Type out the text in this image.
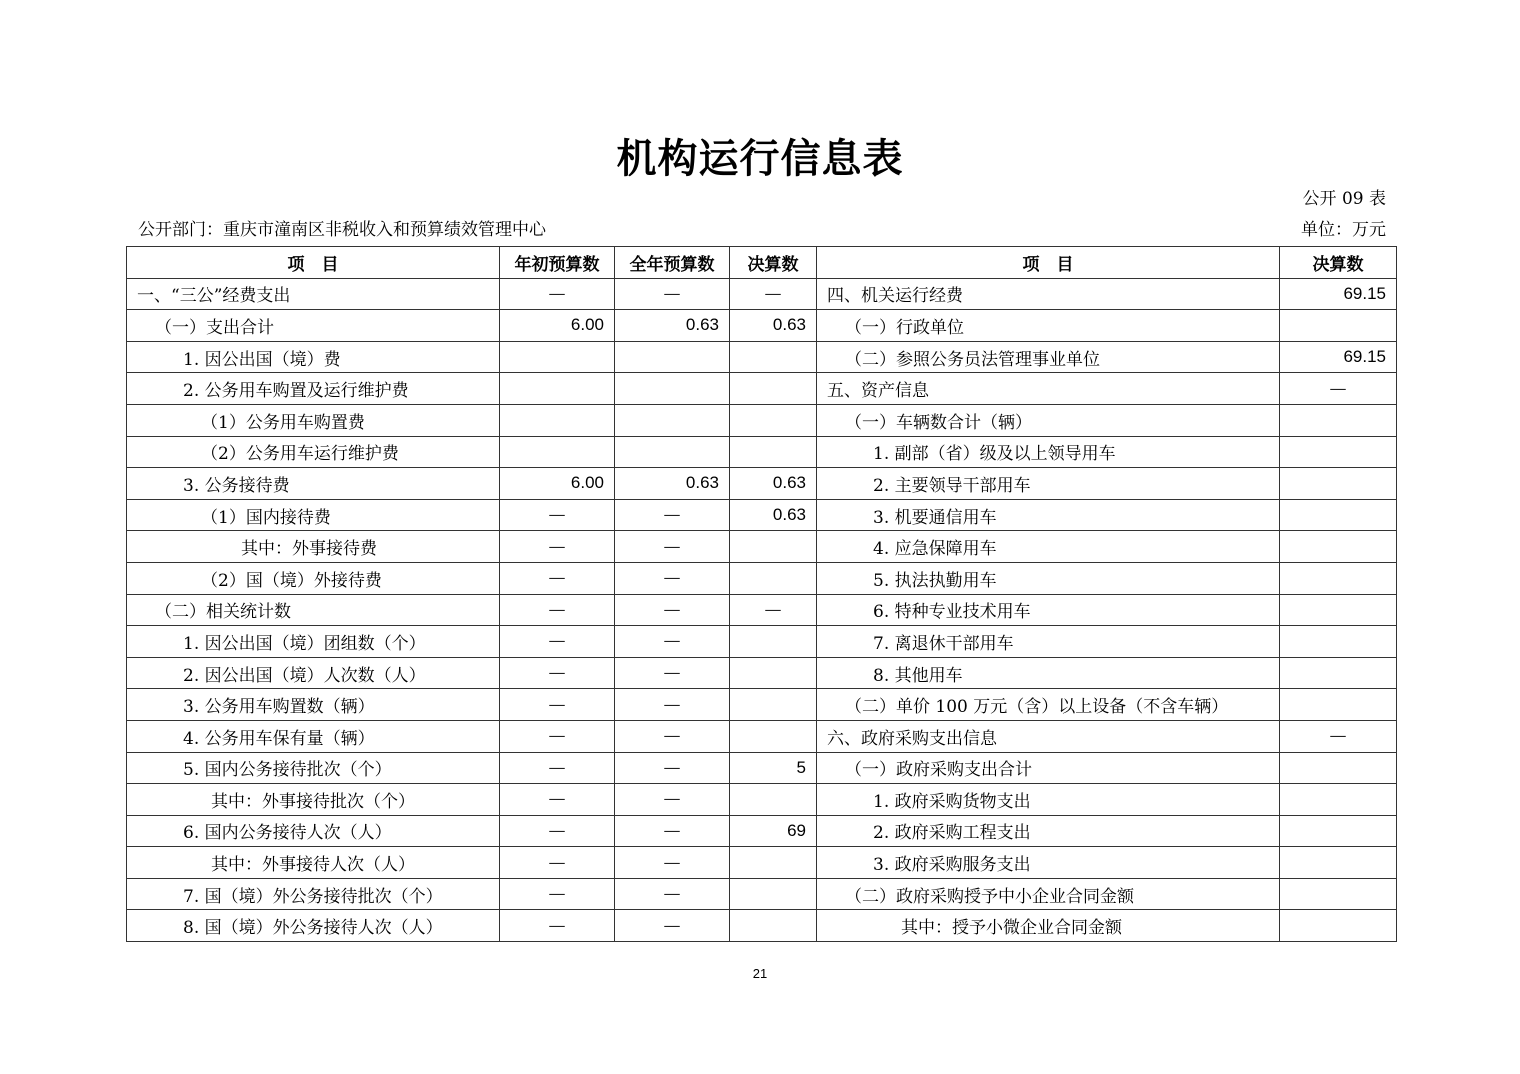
机构运行信息表
公开 09 表
公开部门：重庆市潼南区非税收入和预算绩效管理中心	单位：万元
项　目	年初预算数	全年预算数	决算数	项　目	决算数
一、“三公”经费支出	—	—	—	四、机关运行经费	69.15
（一）支出合计	6.00	0.63	0.63	（一）行政单位	
1. 因公出国（境）费				（二）参照公务员法管理事业单位	69.15
2. 公务用车购置及运行维护费				五、资产信息	—
（1）公务用车购置费				（一）车辆数合计（辆）	
（2）公务用车运行维护费				1. 副部（省）级及以上领导用车	
3. 公务接待费	6.00	0.63	0.63	2. 主要领导干部用车	
（1）国内接待费	—	—	0.63	3. 机要通信用车	
其中：外事接待费	—	—		4. 应急保障用车	
（2）国（境）外接待费	—	—		5. 执法执勤用车	
（二）相关统计数	—	—	—	6. 特种专业技术用车	
1. 因公出国（境）团组数（个）	—	—		7. 离退休干部用车	
2. 因公出国（境）人次数（人）	—	—		8. 其他用车	
3. 公务用车购置数（辆）	—	—		（二）单价 100 万元（含）以上设备（不含车辆）	
4. 公务用车保有量（辆）	—	—		六、政府采购支出信息	—
5. 国内公务接待批次（个）	—	—	5	（一）政府采购支出合计	
其中：外事接待批次（个）	—	—		1. 政府采购货物支出	
6. 国内公务接待人次（人）	—	—	69	2. 政府采购工程支出	
其中：外事接待人次（人）	—	—		3. 政府采购服务支出	
7. 国（境）外公务接待批次（个）	—	—		（二）政府采购授予中小企业合同金额	
8. 国（境）外公务接待人次（人）	—	—		其中：授予小微企业合同金额	
21
